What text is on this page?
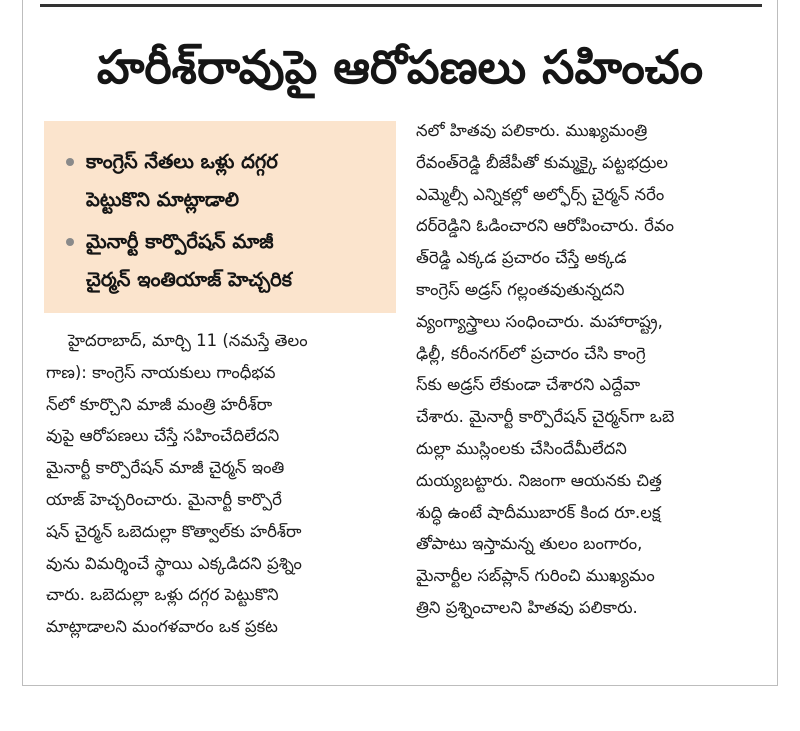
హరీశ్‌రావుపై ఆరోపణలు సహించం
కాంగ్రెస్ నేతలు ఒళ్లు దగ్గర
పెట్టుకొని మాట్లాడాలి
మైనార్టీ కార్పొరేషన్ మాజీ
చైర్మన్ ఇంతియాజ్ హెచ్చరిక
హైదరాబాద్, మార్చి 11 (నమస్తే తెలం
గాణ): కాంగ్రెస్ నాయకులు గాంధీభవ
న్‌లో కూర్చొని మాజీ మంత్రి హరీశ్‌రా
వుపై ఆరోపణలు చేస్తే సహించేదిలేదని
మైనార్టీ కార్పొరేషన్ మాజీ చైర్మన్ ఇంతి
యాజ్ హెచ్చరించారు. మైనార్టీ కార్పొరే
షన్ చైర్మన్ ఒబెదుల్లా కొత్వాల్‌కు హరీశ్‌రా
వును విమర్శించే స్థాయి ఎక్కడిదని ప్రశ్నిం
చారు. ఒబెదుల్లా ఒళ్లు దగ్గర పెట్టుకొని
మాట్లాడాలని మంగళవారం ఒక ప్రకట
నలో హితవు పలికారు. ముఖ్యమంత్రి
రేవంత్‌రెడ్డి బీజేపీతో కుమ్మక్కై పట్టభద్రుల
ఎమ్మెల్సీ ఎన్నికల్లో అల్ఫోర్స్ చైర్మన్ నరేం
దర్‌రెడ్డిని ఓడించారని ఆరోపించారు. రేవం
త్‌రెడ్డి ఎక్కడ ప్రచారం చేస్తే అక్కడ
కాంగ్రెస్ అడ్రస్ గల్లంతవుతున్నదని
వ్యంగ్యాస్త్రాలు సంధించారు. మహారాష్ట్ర,
ఢిల్లీ, కరీంనగర్‌లో ప్రచారం చేసి కాంగ్రె
స్‌కు అడ్రస్ లేకుండా చేశారని ఎద్దేవా
చేశారు. మైనార్టీ కార్పొరేషన్ చైర్మన్‌గా ఒబె
దుల్లా ముస్లింలకు చేసిందేమీలేదని
దుయ్యబట్టారు. నిజంగా ఆయనకు చిత్త
శుద్ధి ఉంటే షాదీముబారక్ కింద రూ.లక్ష
తోపాటు ఇస్తామన్న తులం బంగారం,
మైనార్టీల సబ్‌ప్లాన్ గురించి ముఖ్యమం
త్రిని ప్రశ్నించాలని హితవు పలికారు.
